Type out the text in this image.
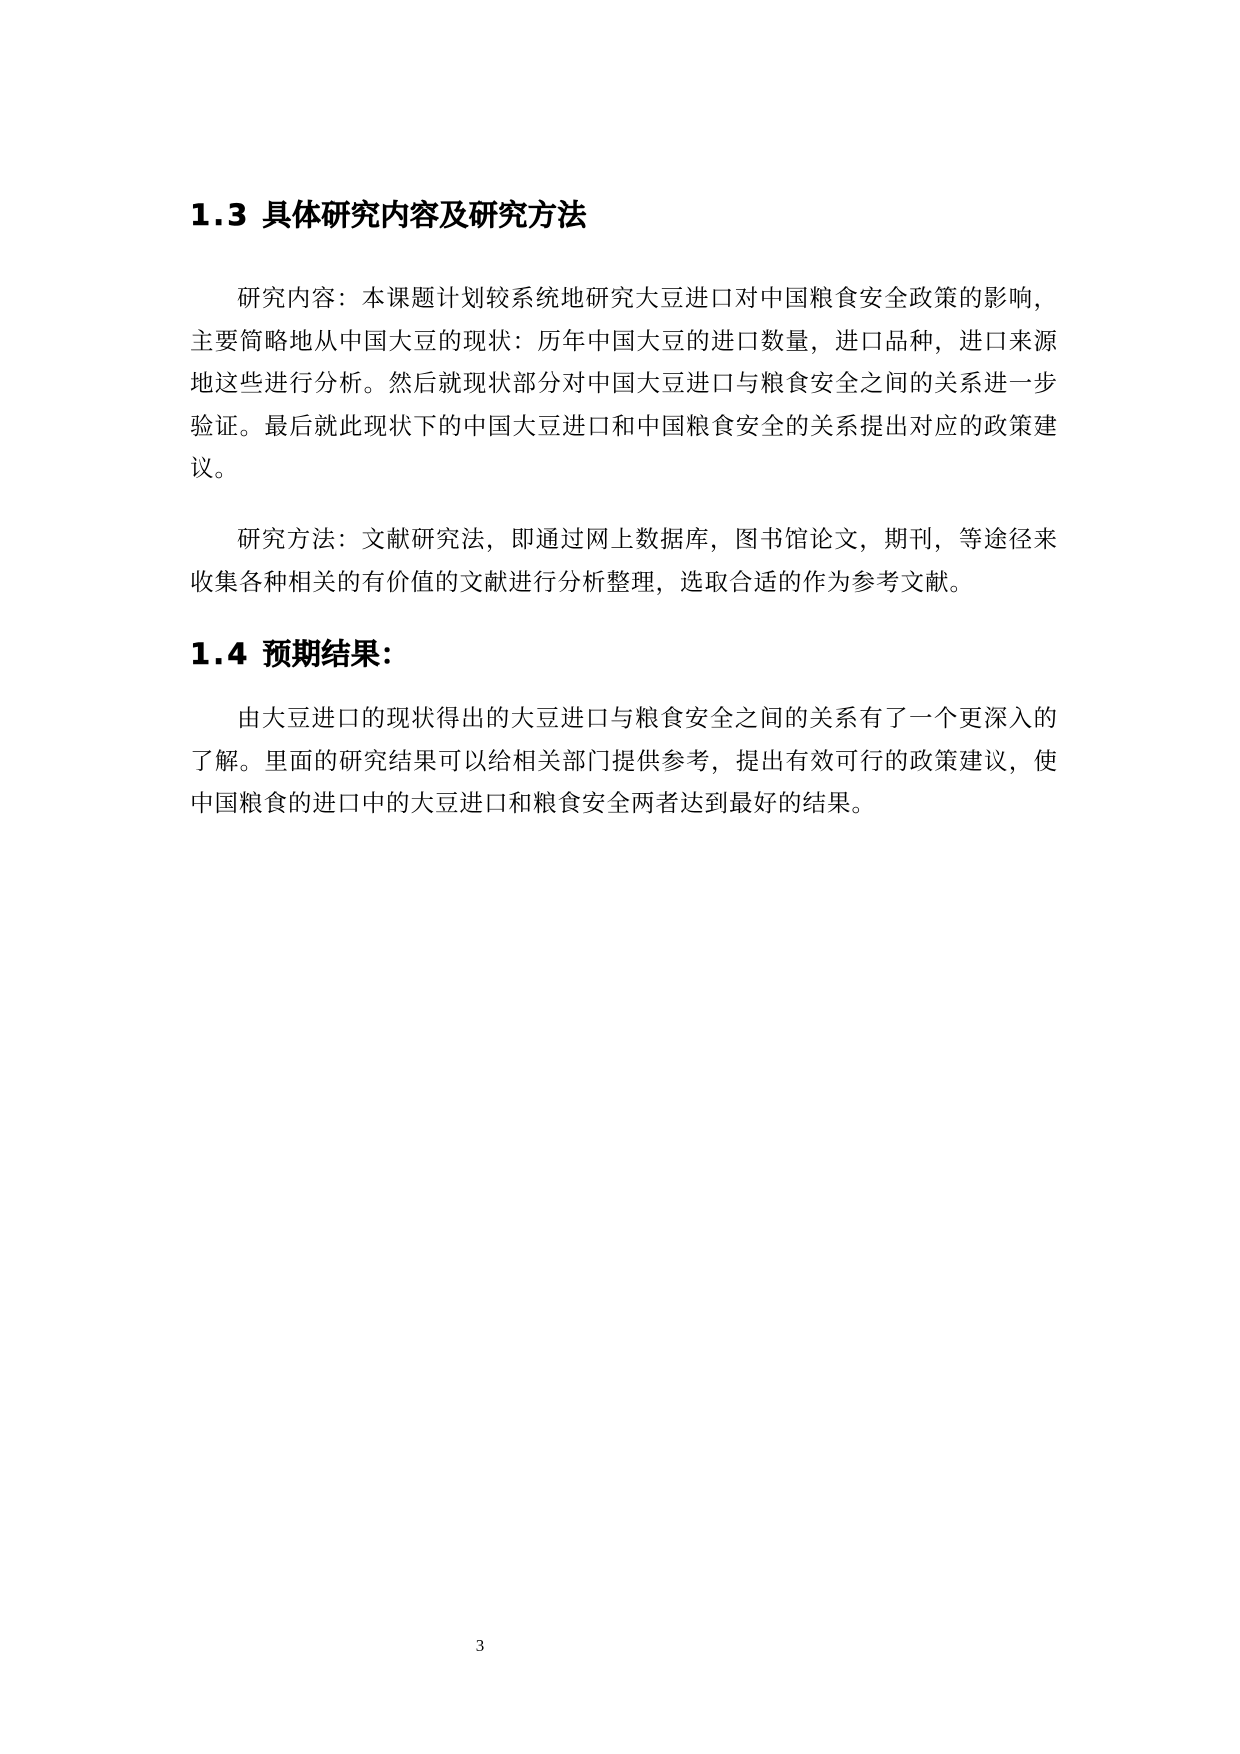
1.3 具体研究内容及研究方法

研究内容：本课题计划较系统地研究大豆进口对中国粮食安全政策的影响，主要简略地从中国大豆的现状：历年中国大豆的进口数量，进口品种，进口来源地这些进行分析。然后就现状部分对中国大豆进口与粮食安全之间的关系进一步验证。最后就此现状下的中国大豆进口和中国粮食安全的关系提出对应的政策建议。

研究方法：文献研究法，即通过网上数据库，图书馆论文，期刊，等途径来收集各种相关的有价值的文献进行分析整理，选取合适的作为参考文献。

1.4 预期结果：

由大豆进口的现状得出的大豆进口与粮食安全之间的关系有了一个更深入的了解。里面的研究结果可以给相关部门提供参考，提出有效可行的政策建议，使中国粮食的进口中的大豆进口和粮食安全两者达到最好的结果。

3
